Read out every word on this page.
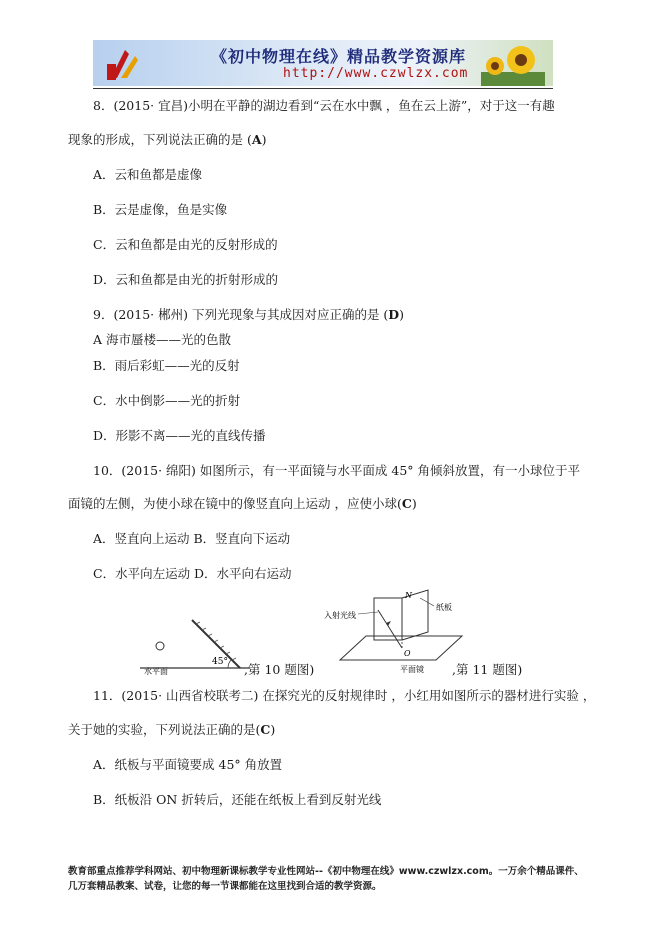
《初中物理在线》精品教学资源库
http://www.czwlzx.com
8．(2015· 宜昌)小明在平静的湖边看到“云在水中飘 ，鱼在云上游”，对于这一有趣
现象的形成，下列说法正确的是 (A)
A．云和鱼都是虚像
B．云是虚像，鱼是实像
C．云和鱼都是由光的反射形成的
D．云和鱼都是由光的折射形成的
9．(2015· 郴州) 下列光现象与其成因对应正确的是 (D)
A 海市蜃楼——光的色散
B．雨后彩虹——光的反射
C．水中倒影——光的折射
D．形影不离——光的直线传播
10．(2015· 绵阳) 如图所示，有一平面镜与水平面成 45° 角倾斜放置，有一小球位于平
面镜的左侧，为使小球在镜中的像竖直向上运动 ，应使小球(C)
A．竖直向上运动 B．竖直向下运动
C．水平向左运动 D．水平向右运动
45°
水平面	,第 10 题图)
入射光线
N
纸板
O
平面镜 ,第 11 题图)
11．(2015· 山西省校联考二) 在探究光的反射规律时 ，小红用如图所示的器材进行实验 ，
关于她的实验，下列说法正确的是(C)
A．纸板与平面镜要成 45° 角放置
B．纸板沿 ON 折转后，还能在纸板上看到反射光线
教育部重点推荐学科网站、初中物理新课标教学专业性网站--《初中物理在线》www.czwlzx.com。一万余个精品课件、
几万套精品教案、试卷，让您的每一节课都能在这里找到合适的教学资源。
